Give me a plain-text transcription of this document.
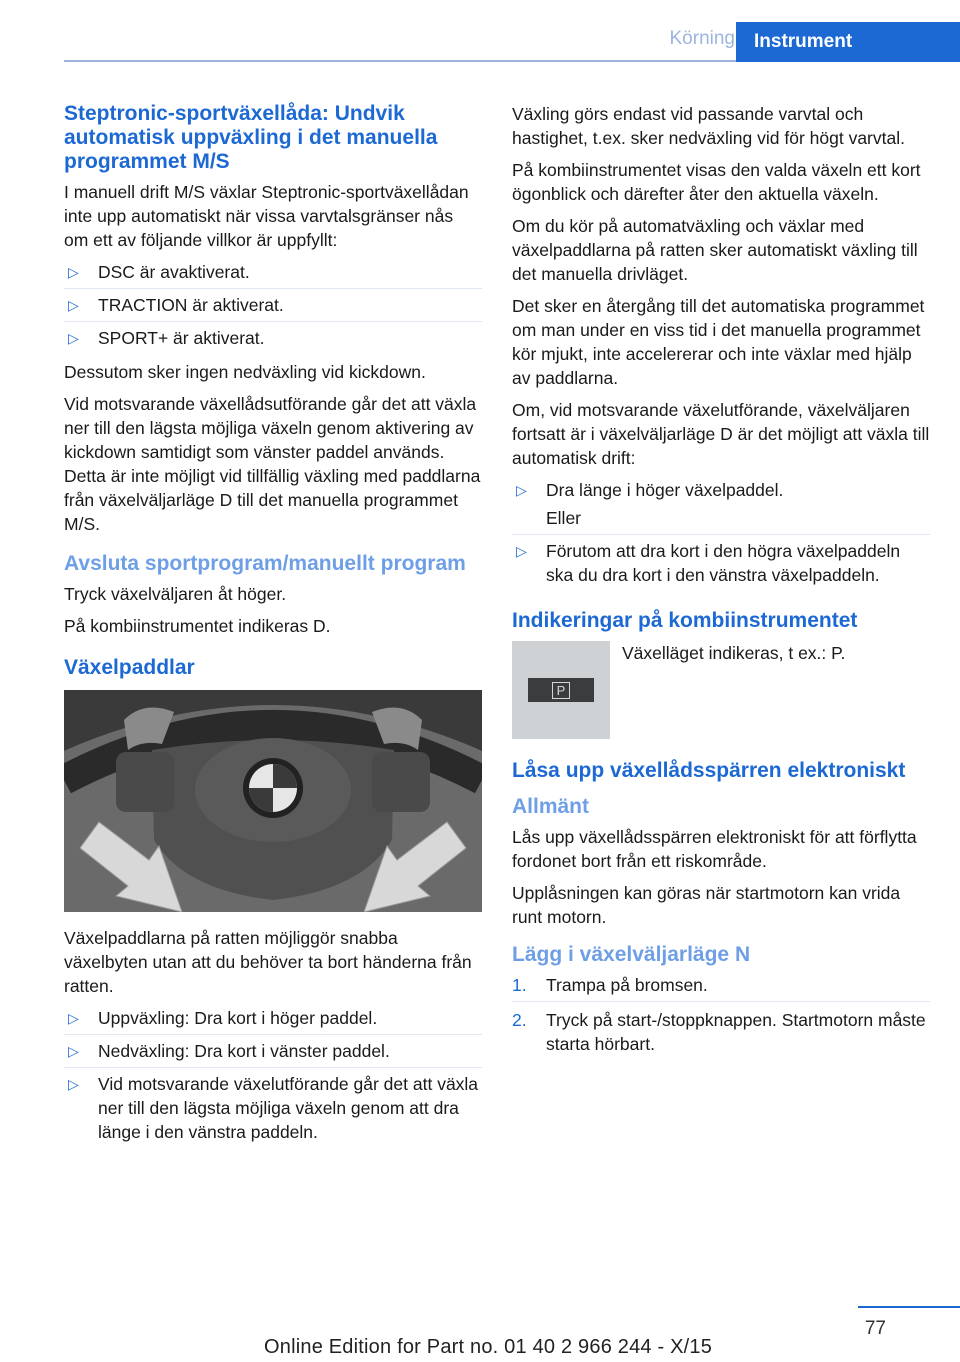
Körning	Instrument
Steptronic-sportväxellåda: Undvik automatisk uppväxling i det manuella programmet M/S

I manuell drift M/S växlar Steptronic-sportväxellådan inte upp automatiskt när vissa varvtalsgränser nås om ett av följande villkor är uppfyllt:

▷ DSC är avaktiverat.
▷ TRACTION är aktiverat.
▷ SPORT+ är aktiverat.

Dessutom sker ingen nedväxling vid kickdown.

Vid motsvarande växellådsutförande går det att växla ner till den lägsta möjliga växeln genom aktivering av kickdown samtidigt som vänster paddel används. Detta är inte möjligt vid tillfällig växling med paddlarna från växelväljarläge D till det manuella programmet M/S.

Avsluta sportprogram/manuellt program

Tryck växelväljaren åt höger.

På kombiinstrumentet indikeras D.

Växelpaddlar

Växelpaddlarna på ratten möjliggör snabba växelbyten utan att du behöver ta bort händerna från ratten.

▷ Uppväxling: Dra kort i höger paddel.
▷ Nedväxling: Dra kort i vänster paddel.
▷ Vid motsvarande växelutförande går det att växla ner till den lägsta möjliga växeln genom att dra länge i den vänstra paddeln.

Växling görs endast vid passande varvtal och hastighet, t.ex. sker nedväxling vid för högt varvtal.

På kombiinstrumentet visas den valda växeln ett kort ögonblick och därefter åter den aktuella växeln.

Om du kör på automatväxling och växlar med växelpaddlarna på ratten sker automatiskt växling till det manuella drivläget.

Det sker en återgång till det automatiska programmet om man under en viss tid i det manuella programmet kör mjukt, inte accelererar och inte växlar med hjälp av paddlarna.

Om, vid motsvarande växelutförande, växelväljaren fortsatt är i växelväljarläge D är det möjligt att växla till automatisk drift:

▷ Dra länge i höger växelpaddel.
Eller
▷ Förutom att dra kort i den högra växelpaddeln ska du dra kort i den vänstra växelpaddeln.
Indikeringar på kombiinstrumentet
P

Växelläget indikeras, t ex.: P.

Låsa upp växellådsspärren elektroniskt
Allmänt

Lås upp växellådsspärren elektroniskt för att förflytta fordonet bort från ett riskområde.

Upplåsningen kan göras när startmotorn kan vrida runt motorn.

Lägg i växelväljarläge N
1. Trampa på bromsen.
2. Tryck på start-/stoppknappen. Startmotorn måste starta hörbart.
77
Online Edition for Part no. 01 40 2 966 244 - X/15
